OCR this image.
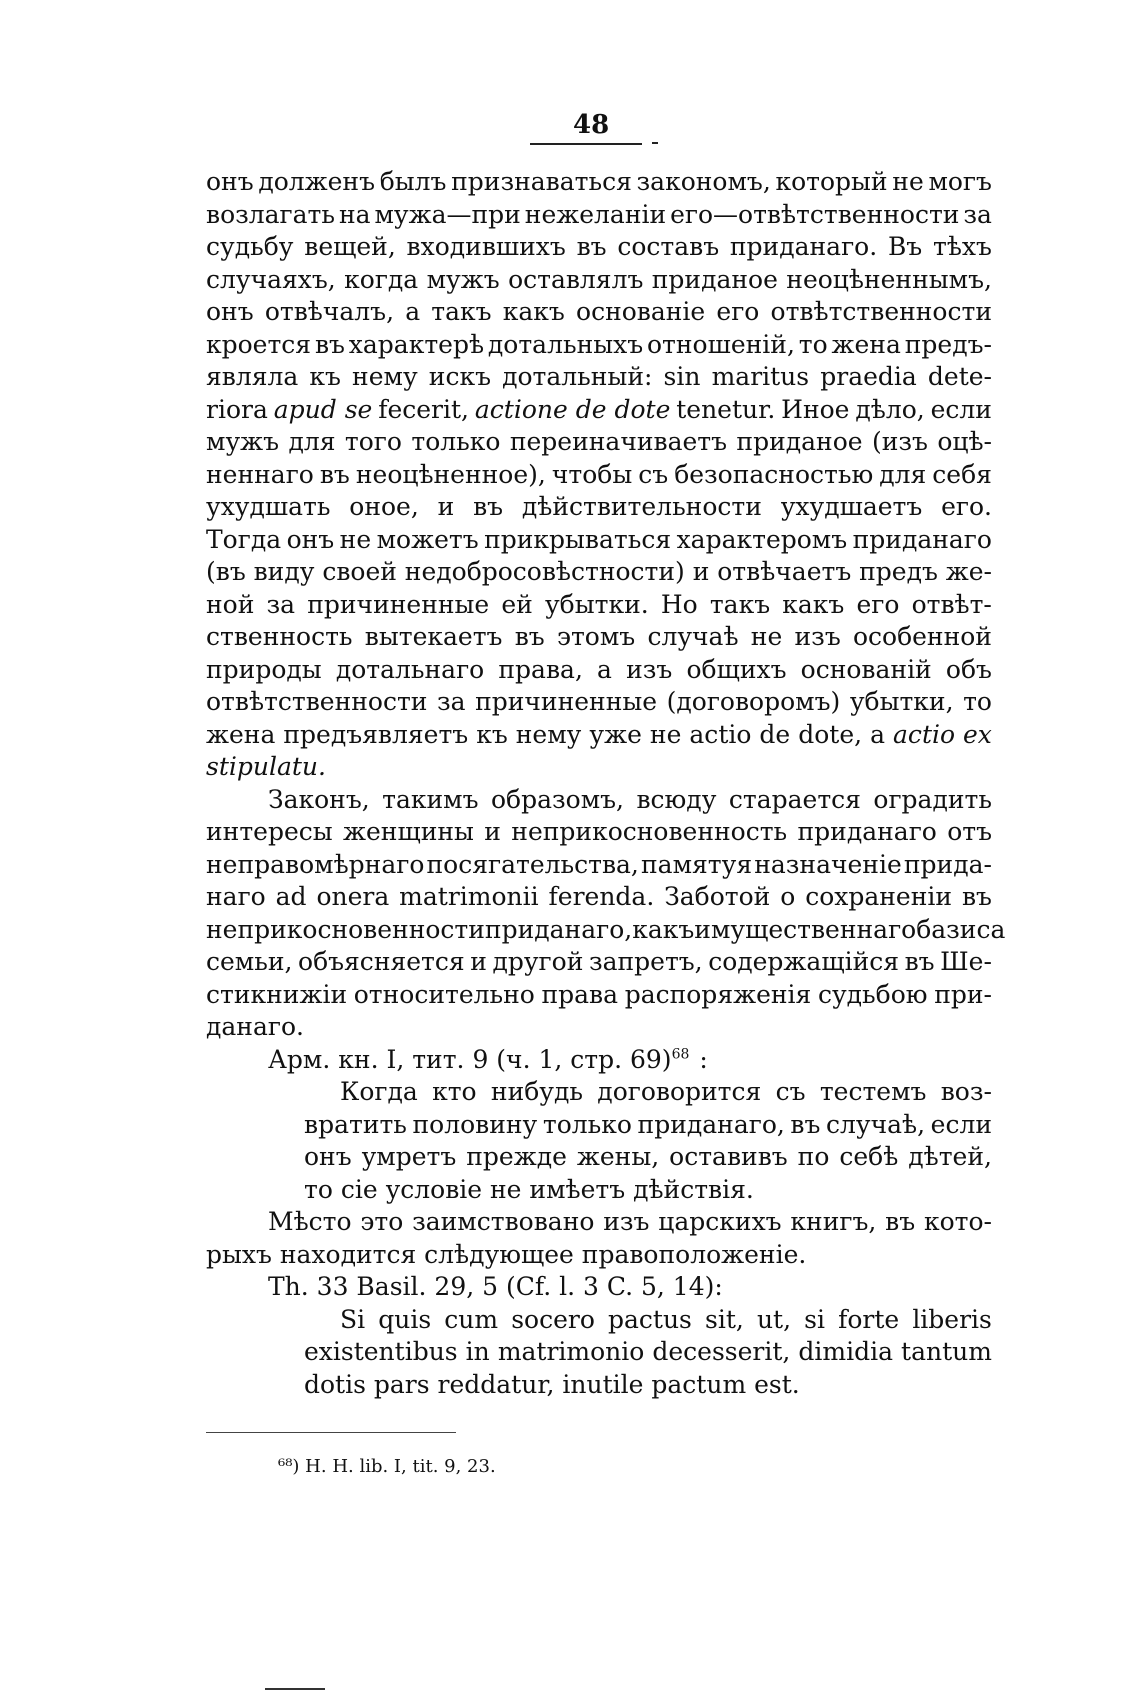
48
онъ долженъ былъ признаваться закономъ, который не могъ
возлагать на мужа—при нежеланіи его—отвѣтственности за
судьбу вещей, входившихъ въ составъ приданаго. Въ тѣхъ
случаяхъ, когда мужъ оставлялъ приданое неоцѣненнымъ,
онъ отвѣчалъ, а такъ какъ основаніе его отвѣтственности
кроется въ характерѣ дотальныхъ отношеній, то жена предъ-
являла къ нему искъ дотальный: sin maritus praedia dete-
riora apud se fecerit, actione de dote tenetur. Иное дѣло, если
мужъ для того только переиначиваетъ приданое (изъ оцѣ-
неннаго въ неоцѣненное), чтобы съ безопасностью для себя
ухудшать оное, и въ дѣйствительности ухудшаетъ его.
Тогда онъ не можетъ прикрываться характеромъ приданаго
(въ виду своей недобросовѣстности) и отвѣчаетъ предъ же-
ной за причиненные ей убытки. Но такъ какъ его отвѣт-
ственность вытекаетъ въ этомъ случаѣ не изъ особенной
природы дотальнаго права, а изъ общихъ основаній объ
отвѣтственности за причиненные (договоромъ) убытки, то
жена предъявляетъ къ нему уже не actio de dote, а actio ex
stipulatu.
Законъ, такимъ образомъ, всюду старается оградить
интересы женщины и неприкосновенность приданаго отъ
неправомѣрнаго посягательства, памятуя назначеніе прида-
наго ad onera matrimonii ferenda. Заботой о сохраненіи въ
неприкосновенности приданаго, какъ имущественнаго базиса
семьи, объясняется и другой запретъ, содержащійся въ Ше-
стикнижіи относительно права распоряженія судьбою при-
данаго.
Арм. кн. I, тит. 9 (ч. 1, стр. 69)$^{68}$ :
Когда кто нибудь договорится съ тестемъ воз-
вратить половину только приданаго, въ случаѣ, если
онъ умретъ прежде жены, оставивъ по себѣ дѣтей,
то сіе условіе не имѣетъ дѣйствія.
Мѣсто это заимствовано изъ царскихъ книгъ, въ кото-
рыхъ находится слѣдующее правоположеніе.
Th. 33 Basil. 29, 5 (Cf. l. 3 C. 5, 14):
Si quis cum socero pactus sit, ut, si forte liberis
existentibus in matrimonio decesserit, dimidia tantum
dotis pars reddatur, inutile pactum est.
⁶⁸) Н. Н. lib. I, tit. 9, 23.
